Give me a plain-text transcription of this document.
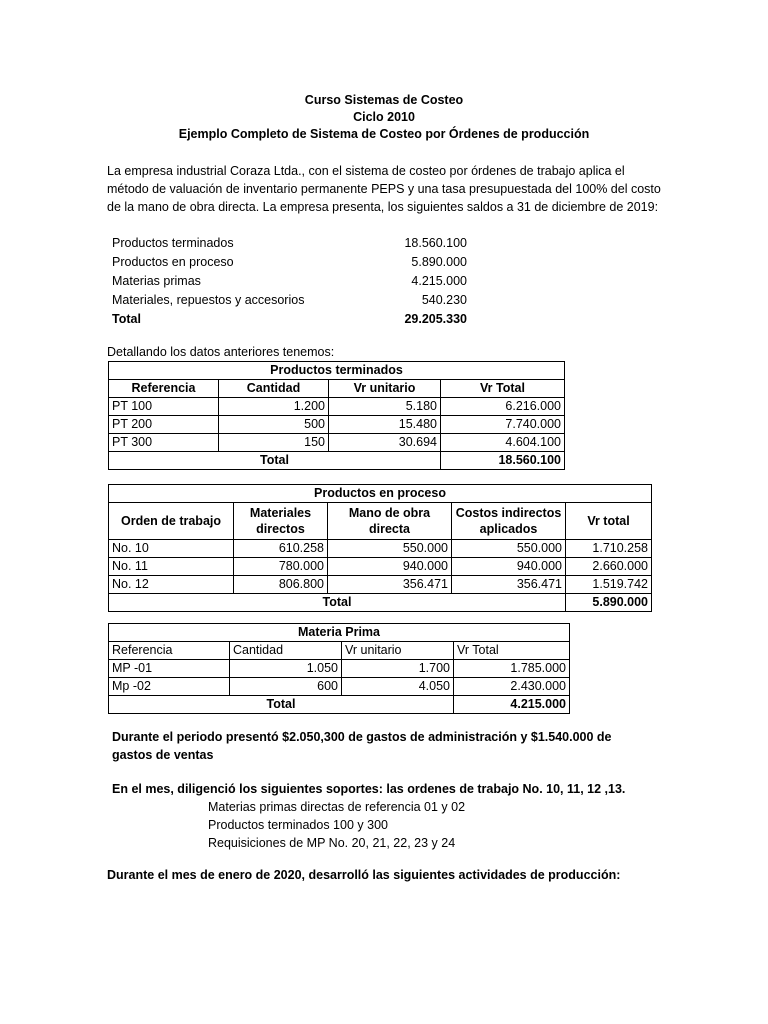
Curso Sistemas de Costeo
Ciclo 2010
Ejemplo Completo de Sistema de Costeo por Órdenes de producción
La empresa industrial Coraza Ltda., con el sistema de costeo por órdenes de trabajo aplica el método de valuación de inventario permanente PEPS y una tasa presupuestada del 100% del costo de la mano de obra directa. La empresa presenta, los siguientes saldos a 31 de diciembre de 2019:
Productos terminados	18.560.100
Productos en proceso	5.890.000
Materias primas	4.215.000
Materiales, repuestos y accesorios	540.230
Total	29.205.330
Detallando los datos anteriores tenemos:
Productos terminados			
Referencia	Cantidad	Vr unitario	Vr Total
PT 100	1.200	5.180	6.216.000
PT 200	500	15.480	7.740.000
PT 300	150	30.694	4.604.100
Total			18.560.100
Productos en proceso				
Orden de trabajo	Materiales directos	Mano de obra directa	Costos indirectos aplicados	Vr total
No. 10	610.258	550.000	550.000	1.710.258
No. 11	780.000	940.000	940.000	2.660.000
No. 12	806.800	356.471	356.471	1.519.742
Total				5.890.000
Materia Prima			
Referencia	Cantidad	Vr unitario	Vr Total
MP -01	1.050	1.700	1.785.000
Mp -02	600	4.050	2.430.000
Total			4.215.000
Durante el periodo presentó $2.050,300 de gastos de administración y $1.540.000 de gastos de ventas
En el mes, diligenció los siguientes soportes: las ordenes de trabajo No. 10, 11, 12 ,13.
Materias primas directas de referencia 01 y 02
Productos terminados 100 y 300
Requisiciones de MP No. 20, 21, 22, 23 y 24
Durante el mes de enero de 2020, desarrolló las siguientes actividades de producción:
